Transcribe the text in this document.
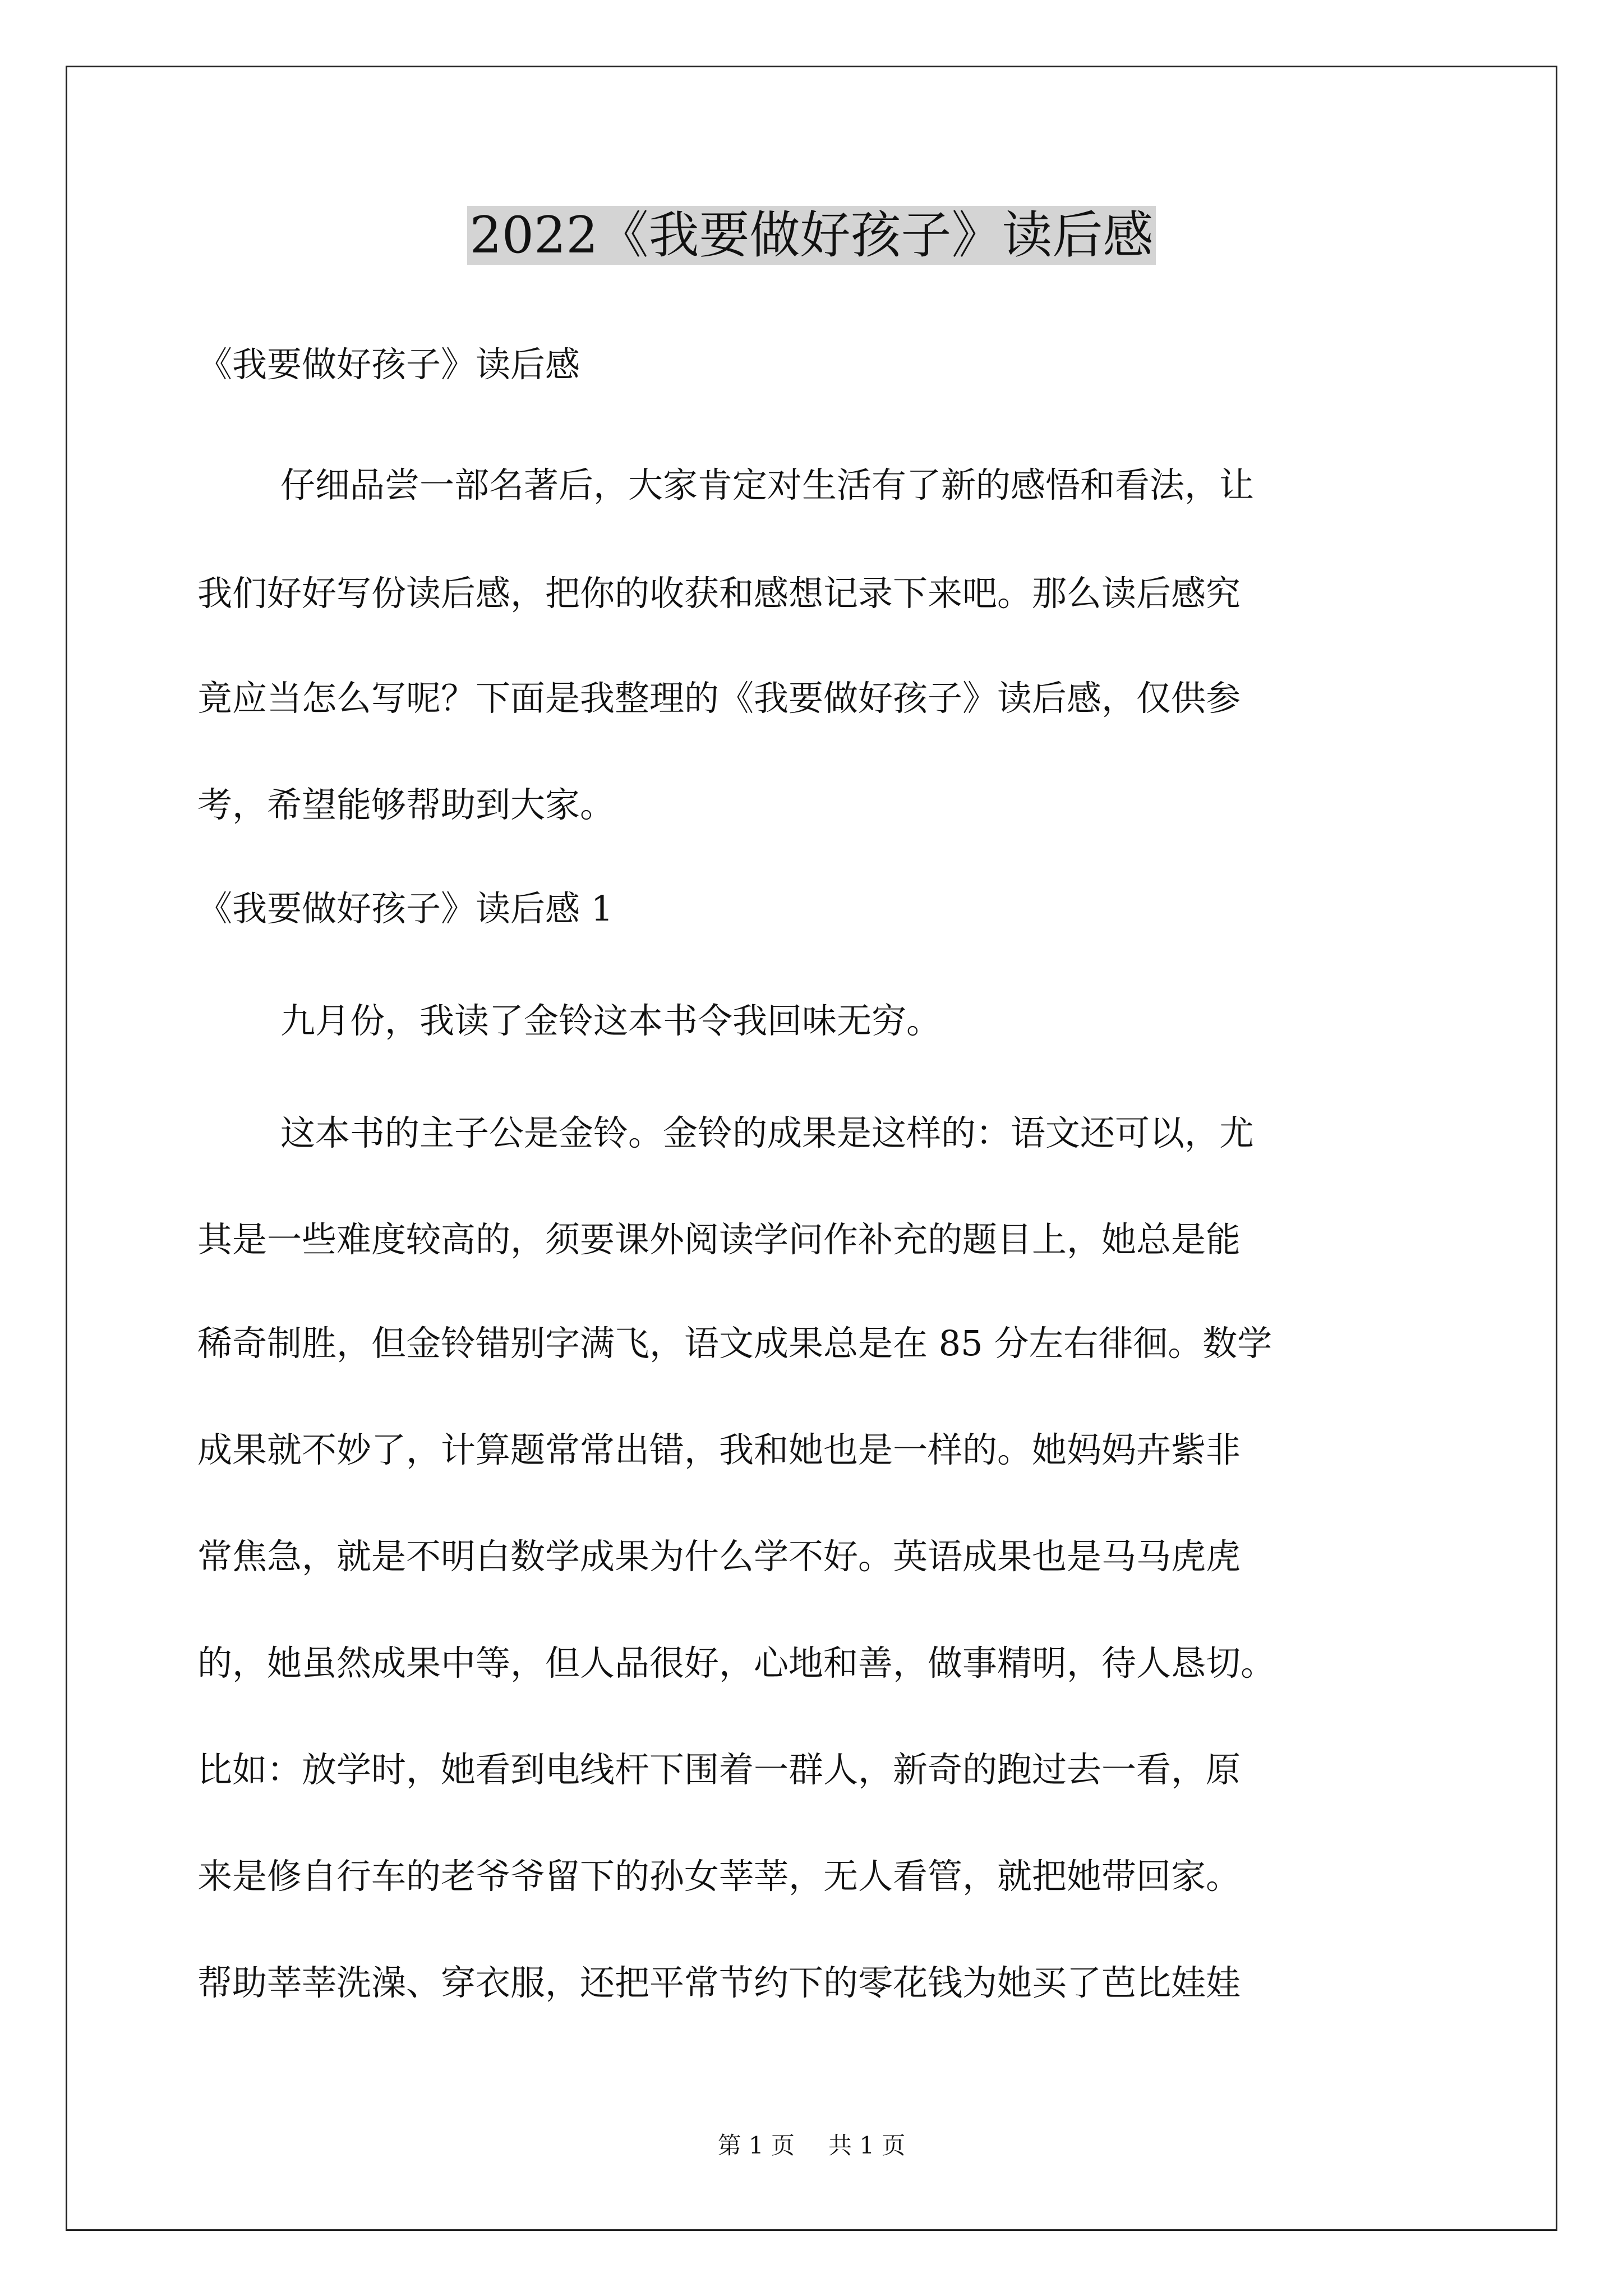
2022《我要做好孩子》读后感
《我要做好孩子》读后感
仔细品尝一部名著后，大家肯定对生活有了新的感悟和看法，让
我们好好写份读后感，把你的收获和感想记录下来吧。那么读后感究
竟应当怎么写呢？下面是我整理的《我要做好孩子》读后感，仅供参
考，希望能够帮助到大家。
《我要做好孩子》读后感 1
九月份，我读了金铃这本书令我回味无穷。
这本书的主子公是金铃。金铃的成果是这样的：语文还可以，尤
其是一些难度较高的，须要课外阅读学问作补充的题目上，她总是能
稀奇制胜，但金铃错别字满飞，语文成果总是在 85 分左右徘徊。数学
成果就不妙了，计算题常常出错，我和她也是一样的。她妈妈卉紫非
常焦急，就是不明白数学成果为什么学不好。英语成果也是马马虎虎
的，她虽然成果中等，但人品很好，心地和善，做事精明，待人恳切。
比如：放学时，她看到电线杆下围着一群人，新奇的跑过去一看，原
来是修自行车的老爷爷留下的孙女莘莘，无人看管，就把她带回家。
帮助莘莘洗澡、穿衣服，还把平常节约下的零花钱为她买了芭比娃娃
第 1 页 共 1 页
